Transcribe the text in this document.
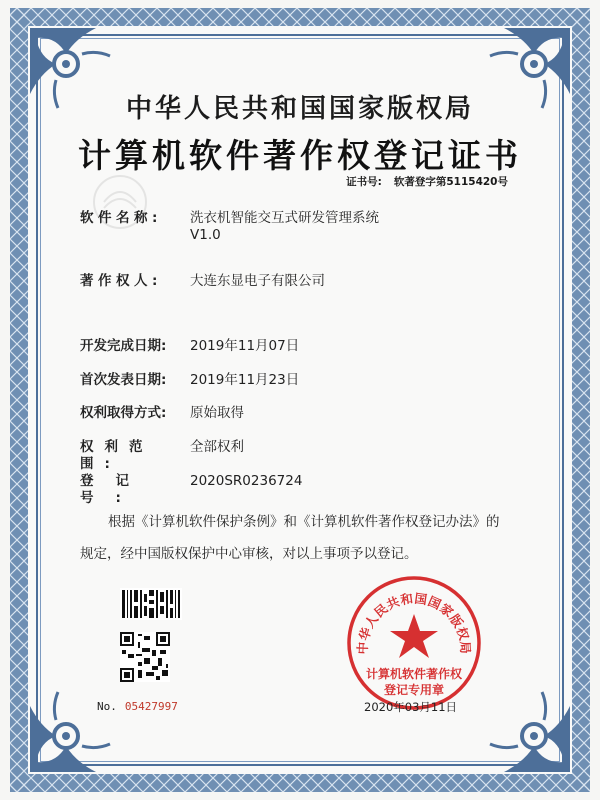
中华人民共和国国家版权局
计算机软件著作权登记证书
证书号: 软著登字第5115420号
软件名称:	洗衣机智能交互式研发管理系统
V1.0
著作权人:	大连东显电子有限公司
开发完成日期:	2019年11月07日
首次发表日期:	2019年11月23日
权利取得方式:	原始取得
权利范围:
全部权利
登记号:
2020SR0236724
根据《计算机软件保护条例》和《计算机软件著作权登记办法》的
规定，经中国版权保护中心审核，对以上事项予以登记。
No. 05427997
中华人民共和国国家版权局
计算机软件著作权
登记专用章
2020年03月11日
